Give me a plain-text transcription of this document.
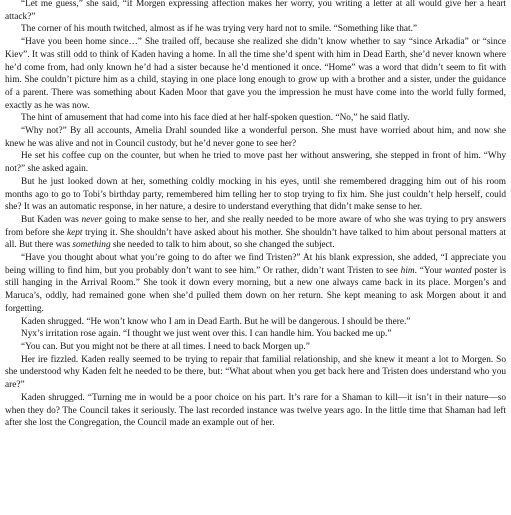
“Let me guess,” she said, “if Morgen expressing affection makes her worry, you writing a letter at all would give her a heart attack?”

The corner of his mouth twitched, almost as if he was trying very hard not to smile. “Something like that.”

“Have you been home since…” She trailed off, because she realized she didn’t know whether to say “since Arkadia” or “since Kiev”. It was still odd to think of Kaden having a home. In all the time she’d spent with him in Dead Earth, she’d never known where he’d come from, had only known he’d had a sister because he’d mentioned it once. “Home” was a word that didn’t seem to fit with him. She couldn’t picture him as a child, staying in one place long enough to grow up with a brother and a sister, under the guidance of a parent. There was something about Kaden Moor that gave you the impression he must have come into the world fully formed, exactly as he was now.

The hint of amusement that had come into his face died at her half-spoken question. “No,” he said flatly.

“Why not?” By all accounts, Amelia Drahl sounded like a wonderful person. She must have worried about him, and now she knew he was alive and not in Council custody, but he’d never gone to see her?

He set his coffee cup on the counter, but when he tried to move past her without answering, she stepped in front of him. “Why not?” she asked again.

But he just looked down at her, something coldly mocking in his eyes, until she remembered dragging him out of his room months ago to go to Tobi’s birthday party, remembered him telling her to stop trying to fix him. She just couldn’t help herself, could she? It was an automatic response, in her nature, a desire to understand everything that didn’t make sense to her.

But Kaden was never going to make sense to her, and she really needed to be more aware of who she was trying to pry answers from before she kept trying it. She shouldn’t have asked about his mother. She shouldn’t have talked to him about personal matters at all. But there was something she needed to talk to him about, so she changed the subject.

“Have you thought about what you’re going to do after we find Tristen?” At his blank expression, she added, “I appreciate you being willing to find him, but you probably don’t want to see him.” Or rather, didn’t want Tristen to see him. “Your wanted poster is still hanging in the Arrival Room.” She took it down every morning, but a new one always came back in its place. Morgen’s and Maruca’s, oddly, had remained gone when she’d pulled them down on her return. She kept meaning to ask Morgen about it and forgetting.

Kaden shrugged. “He won’t know who I am in Dead Earth. But he will be dangerous. I should be there.”

Nyx’s irritation rose again. “I thought we just went over this. I can handle him. You backed me up.”

“You can. But you might not be there at all times. I need to back Morgen up.”

Her ire fizzled. Kaden really seemed to be trying to repair that familial relationship, and she knew it meant a lot to Morgen. So she understood why Kaden felt he needed to be there, but: “What about when you get back here and Tristen does understand who you are?”

Kaden shrugged. “Turning me in would be a poor choice on his part. It’s rare for a Shaman to kill—it isn’t in their nature—so when they do? The Council takes it seriously. The last recorded instance was twelve years ago. In the little time that Shaman had left after she lost the Congregation, the Council made an example out of her.
